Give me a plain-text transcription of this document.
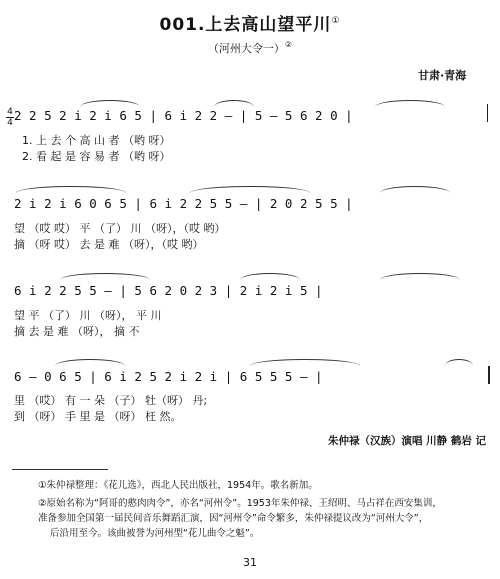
001.上去高山望平川①
（河州大令一）②
甘肃·青海
4
4 2 2 5 2 i 2 i 6 5 | 6 i 2 2 — | 5 — 5 6 2 0 |
1. 上 去 个 高 山 者 （哟 呀）
2. 看 起 是 容 易 者 （哟 呀）
2 i 2 i 6 0 6 5 | 6 i 2 2 5 5 — | 2 0 2 5 5 |
望 （哎 哎） 平 （了） 川 （呀），（哎 哟）
摘 （呀 哎） 去 是 难 （呀），（哎 哟）
6 i 2 2 5 5 — | 5 6 2 0 2 3 | 2 i 2 i 5 |
望 平 （了） 川 （呀）， 平 川
摘 去 是 难 （呀）， 摘 不
6 — 0 6 5 | 6 i 2 5 2 i 2 i | 6 5 5 5 — |
里 （哎） 有 一 朵 （子） 牡（呀） 丹;
到 （呀） 手 里 是 （呀） 枉 然。
朱仲禄（汉族）演唱 川静 鹤岩 记
①朱仲禄整理：《花儿选》，西北人民出版社，1954年。歌名新加。
②原始名称为“阿哥的憨肉肉令”，亦名“河州令”。1953年朱仲禄、王绍明、马占祥在西安集训，
准备参加全国第一届民间音乐舞蹈汇演，因“河州令”命令繁多，朱仲禄提议改为“河州大令”，
后沿用至今。该曲被誉为河州型“花儿曲令之魁”。
31
